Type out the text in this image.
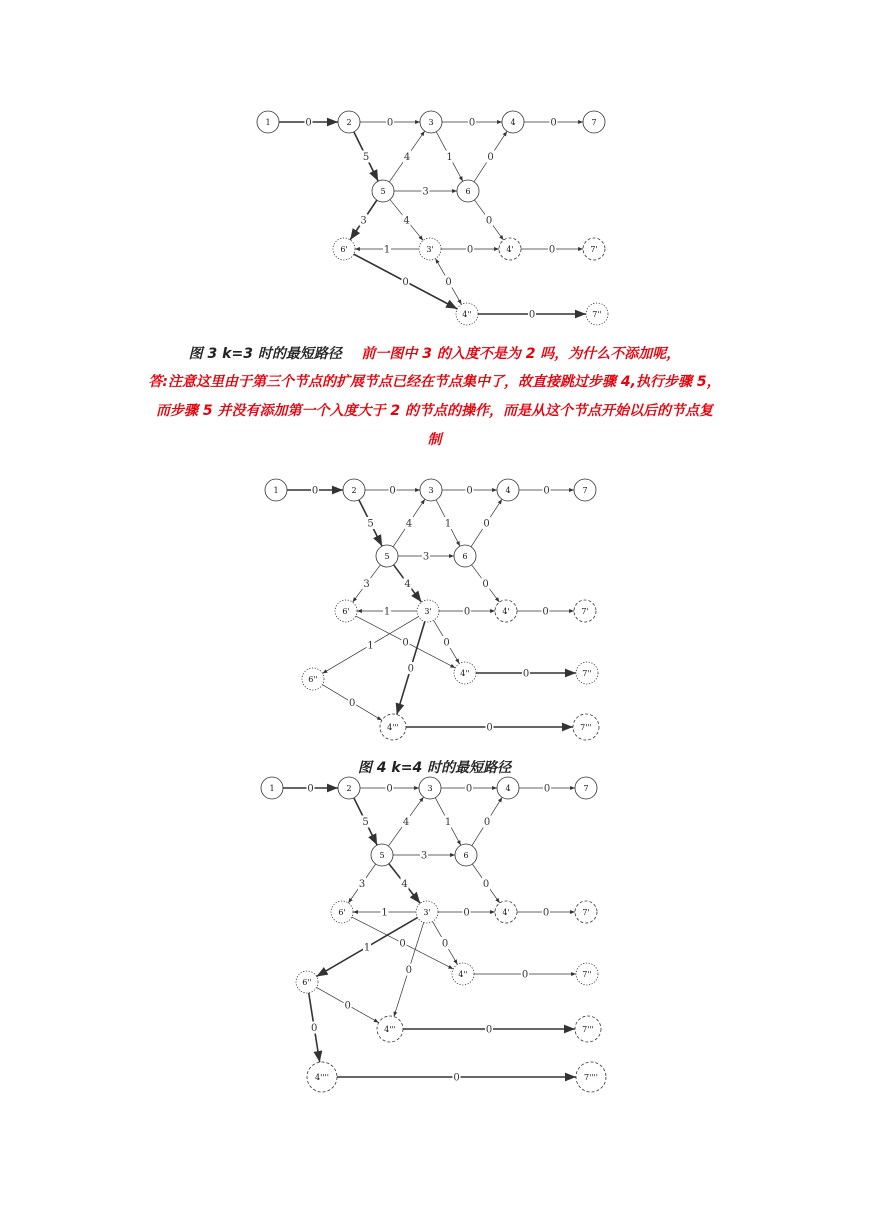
0	0	0	0
5	4	1	0
3
3	4	0
1	0	0
0
0
0
1	2	3	4	7
5	6
6'	3'	4'	7'
4''	7''
图 3 k=3 时的最短路径 前一图中 3 的入度不是为 2 吗，为什么不添加呢，
答:注意这里由于第三个节点的扩展节点已经在节点集中了，故直接跳过步骤 4,执行步骤 5，
而步骤 5 并没有添加第一个入度大于 2 的节点的操作，而是从这个节点开始以后的节点复
制
0	0	0	0
5	4	1	0
3
3	4	0
1	0	0
0	0
0
1
0
0
0
1	2	3	4	7
5	6
6'	3'	4'	7'
6''
4''	7''
4'''	7'''
图 4 k=4 时的最短路径
0	0	0	0
5	4	1	0
3
3	4	0
1	0	0
0	0
0
1
0
0
0
0
0
1	2	3	4	7
5	6
6'	3'	4'	7'
6''
4''	7''
4'''	7'''
4''''	7''''
